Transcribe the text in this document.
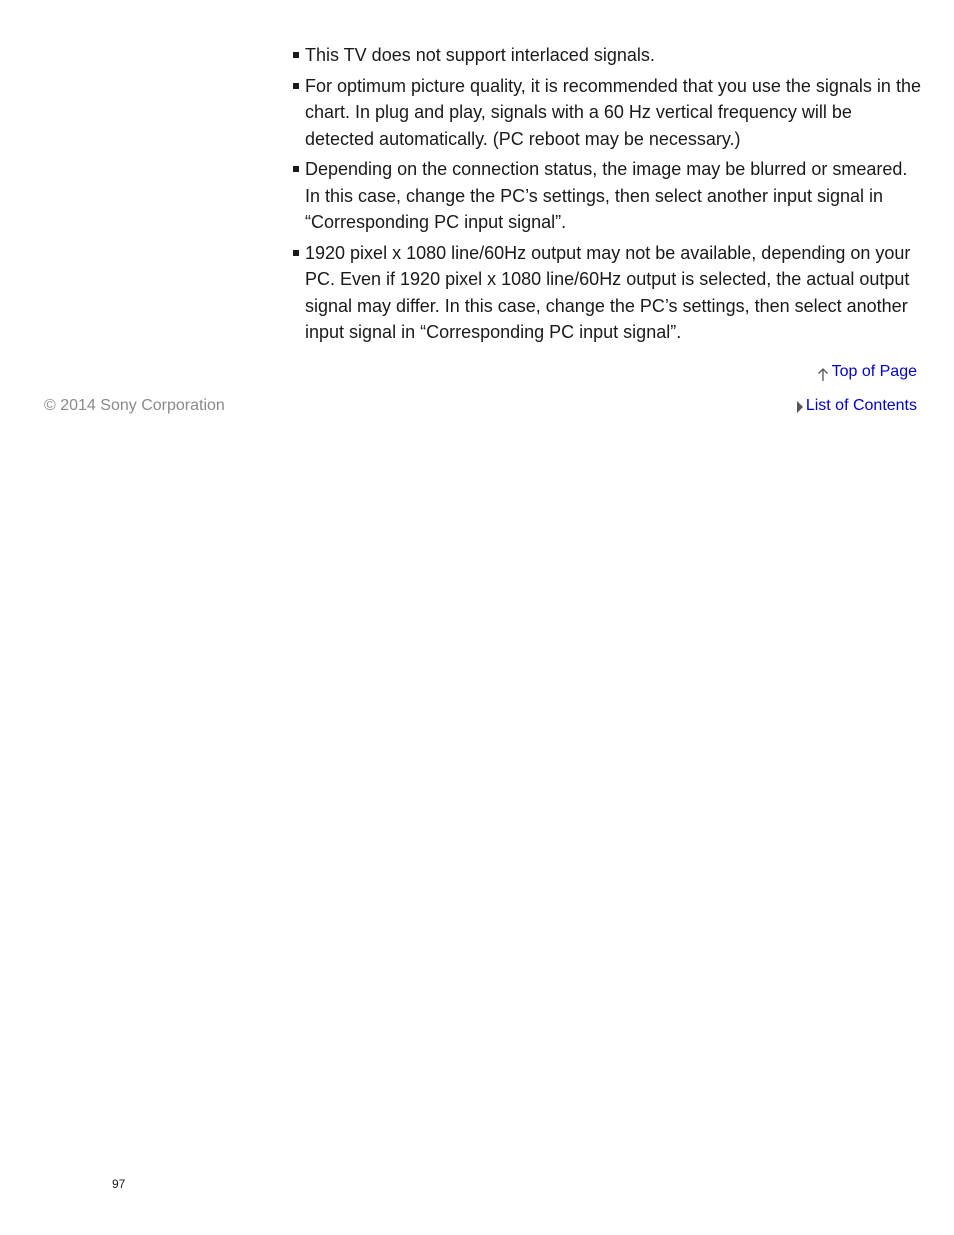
This TV does not support interlaced signals.
For optimum picture quality, it is recommended that you use the signals in the chart. In plug and play, signals with a 60 Hz vertical frequency will be detected automatically. (PC reboot may be necessary.)
Depending on the connection status, the image may be blurred or smeared. In this case, change the PC’s settings, then select another input signal in “Corresponding PC input signal”.
1920 pixel x 1080 line/60Hz output may not be available, depending on your PC. Even if 1920 pixel x 1080 line/60Hz output is selected, the actual output signal may differ. In this case, change the PC’s settings, then select another input signal in “Corresponding PC input signal”.
Top of Page
© 2014 Sony Corporation	List of Contents
97
